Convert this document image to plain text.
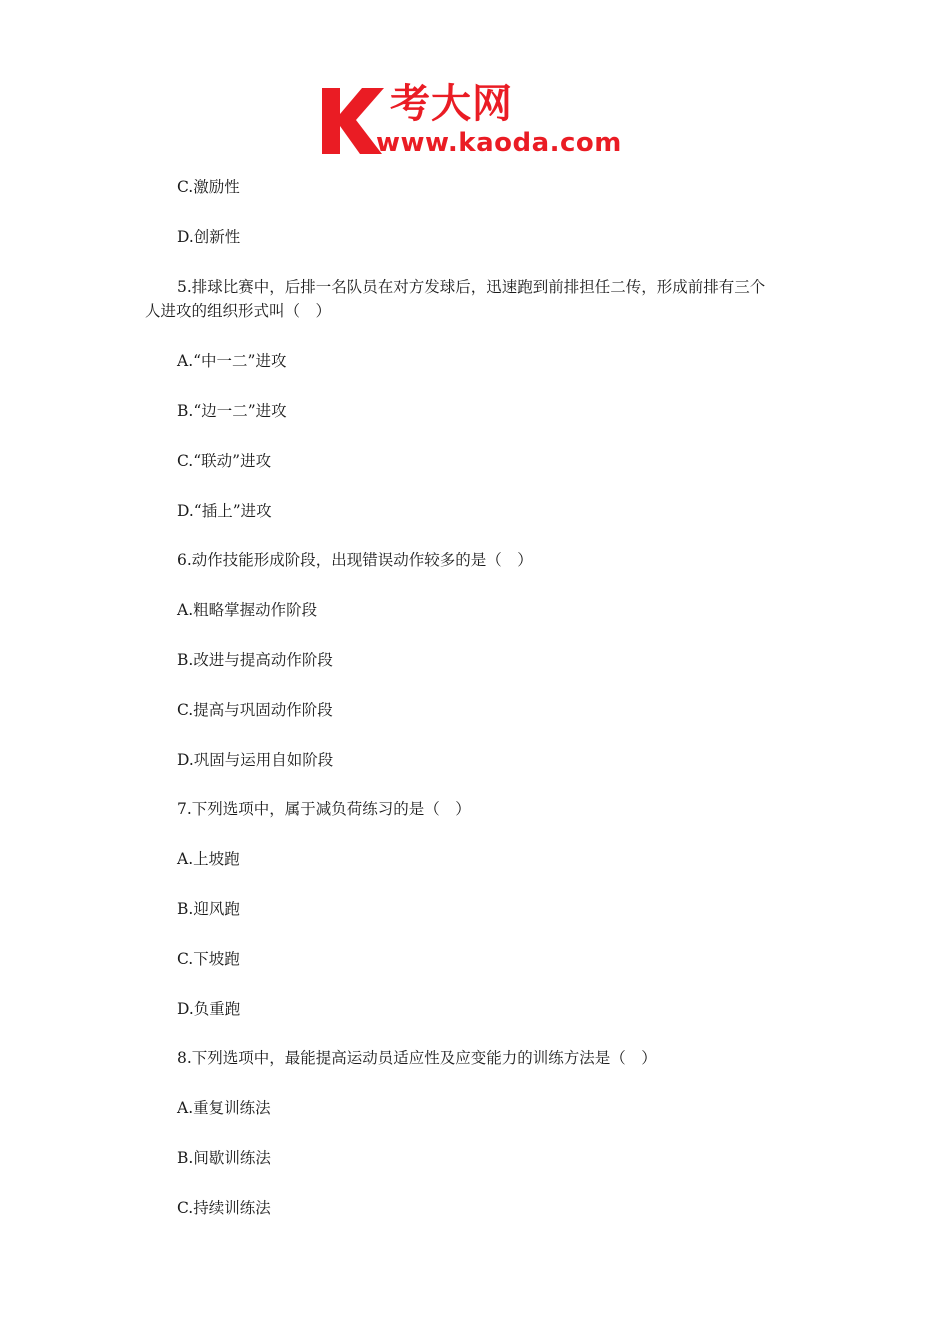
考大网
www.kaoda.com
C.激励性
D.创新性
5.排球比赛中，后排一名队员在对方发球后，迅速跑到前排担任二传，形成前排有三个
人进攻的组织形式叫（　）
A.“中一二”进攻
B.“边一二”进攻
C.“联动”进攻
D.“插上”进攻
6.动作技能形成阶段，出现错误动作较多的是（　）
A.粗略掌握动作阶段
B.改进与提高动作阶段
C.提高与巩固动作阶段
D.巩固与运用自如阶段
7.下列选项中，属于减负荷练习的是（　）
A.上坡跑
B.迎风跑
C.下坡跑
D.负重跑
8.下列选项中，最能提高运动员适应性及应变能力的训练方法是（　）
A.重复训练法
B.间歇训练法
C.持续训练法
